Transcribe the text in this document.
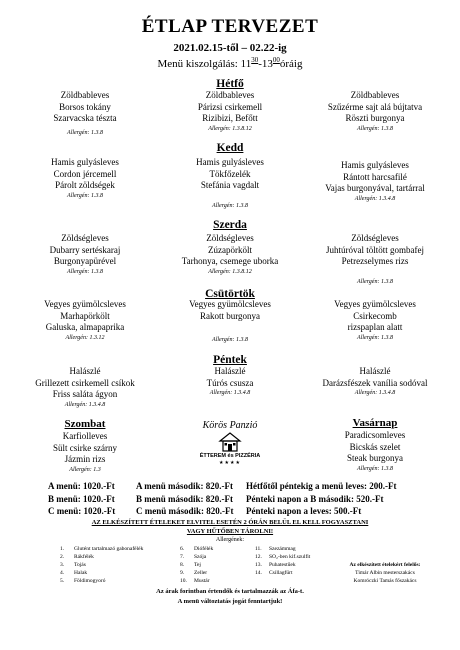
ÉTLAP TERVEZET
2021.02.15-től – 02.22-ig
Menü kiszolgálás: $11^{30}-13^{00}óráig$
Hétfő
Zöldbableves
Borsos tokány
Szarvacska tészta
Allergén: 1.3.8
Zöldbableves
Párizsi csirkemell
Rizibizi, Befőtt
Allergén: 1.3.8.12
Zöldbableves
Szűzérme sajt alá bújtatva
Röszti burgonya
Allergén: 1.3.8
Kedd
Hamis gulyásleves
Cordon jércemell
Párolt zöldségek
Allergén: 1.3.8
Hamis gulyásleves
Tökfőzelék
Stefánia vagdalt
Allergén: 1.3.8
Hamis gulyásleves
Rántott harcsafilé
Vajas burgonyával, tartárral
Allergén: 1.3.4.8
Szerda
Zöldségleves
Dubarry sertéskaraj
Burgonyapürével
Allergén: 1.3.8
Zöldségleves
Zúzapörkölt
Tarhonya, csemege uborka
Allergén: 1.3.8.12
Zöldségleves
Juhtúróval töltött gombafej
Petrezselymes rizs
Allergén: 1.3.8
Csütörtök
Vegyes gyümölcsleves
Marhapörkölt
Galuska, almapaprika
Allergén: 1.3.12
Vegyes gyümölcsleves
Rakott burgonya
Allergén: 1.3.8
Vegyes gyümölcsleves
Csirkecomb
rizspaplan alatt
Allergén: 1.3.8
Péntek
Halászlé
Grillezett csirkemell csíkok
Friss saláta ágyon
Allergén: 1.3.4.8
Halászlé
Túrós csusza
Allergén: 1.3.4.8
Halászlé
Darázsfészek vanília sodóval
Allergén: 1.3.4.8
Szombat
Karfiolleves
Sült csirke szárny
Jázmin rizs
Allergén: 1.3
Vasárnap
Paradicsomleves
Bicskás szelet
Steak burgonya
Allergén: 1.3.8
Körös Panzió
ÉTTEREM és PIZZÉRIA
★★★★
A menü: 1020.-Ft	A menü második: 820.-Ft	Hétfőtől péntekig a menü leves: 200.-Ft
B menü: 1020.-Ft	B menü második: 820.-Ft	Pénteki napon a B második: 520.-Ft
C menü: 1020.-Ft	C menü második: 820.-Ft	Pénteki napon a leves: 500.-Ft
AZ ELKÉSZÍTETT ÉTELEKET ELVITEL ESETÉN 2 ÓRÁN BELÜL EL KELL FOGYASZTANI
VAGY HŰTŐBEN TÁROLNI!
Allergének:
1. Glutént tartalmazó gabonafélék
2. Rákfélék
3. Tojás
4. Halak
5. Földimogyoró
6. Diófélék
7. Szója
8. Tej
9. Zeller
10. Mustár
11. Szezámmag
12. SO₂-ben kif.szulfit
13. Puhatestűek
14. Csillagfürt

Az elkészített ételekért felelős:
Timár Albin mesterszakács
Komróczki Tamás főszakács
Az árak forintban értendők és tartalmazzák az Áfa-t.
A menü változtatás jogát fenntartjuk!
